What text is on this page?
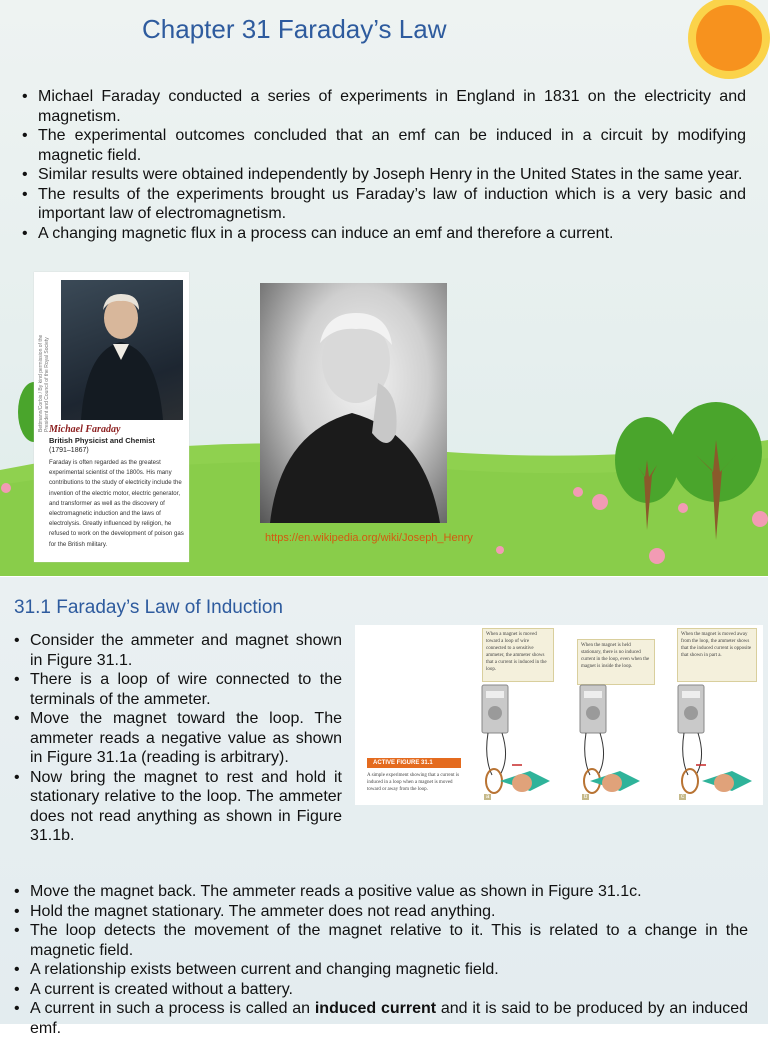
Chapter 31 Faraday’s Law
• Michael Faraday conducted a series of experiments in England in 1831 on the electricity and magnetism.
• The experimental outcomes concluded that an emf can be induced in a circuit by modifying magnetic field.
• Similar results were obtained independently by Joseph Henry in the United States in the same year.
• The results of the experiments brought us Faraday’s law of induction which is a very basic and important law of electromagnetism.
• A changing magnetic flux in a process can induce an emf and therefore a current.
Bettmann/Corbis / By kind permission of the President and Council of the Royal Society Michael Faraday
British Physicist and Chemist
(1791–1867)
Faraday is often regarded as the greatest experimental scientist of the 1800s. His many contributions to the study of electricity include the invention of the electric motor, electric generator, and transformer as well as the discovery of electromagnetic induction and the laws of electrolysis. Greatly influenced by religion, he refused to work on the development of poison gas for the British military.
https://en.wikipedia.org/wiki/Joseph_Henry
31.1 Faraday’s Law of Induction
• Consider the ammeter and magnet shown in Figure 31.1.
• There is a loop of wire connected to the terminals of the ammeter.
• Move the magnet toward the loop. The ammeter reads a negative value as shown in Figure 31.1a (reading is arbitrary).
• Now bring the magnet to rest and hold it stationary relative to the loop. The ammeter does not read anything as shown in Figure 31.1b.
When a magnet is moved toward a loop of wire connected to a sensitive ammeter, the ammeter shows that a current is induced in the loop.
When the magnet is held stationary, there is no induced current in the loop, even when the magnet is inside the loop.
When the magnet is moved away from the loop, the ammeter shows that the induced current is opposite that shown in part a.
ACTIVE FIGURE 31.1
A simple experiment showing that a current is induced in a loop when a magnet is moved toward or away from the loop.
a	b	c
• Move the magnet back. The ammeter reads a positive value as shown in Figure 31.1c.
• Hold the magnet stationary. The ammeter does not read anything.
• The loop detects the movement of the magnet relative to it. This is related to a change in the magnetic field.
• A relationship exists between current and changing magnetic field.
• A current is created without a battery.
• A current in such a process is called an induced current and it is said to be produced by an induced emf.
